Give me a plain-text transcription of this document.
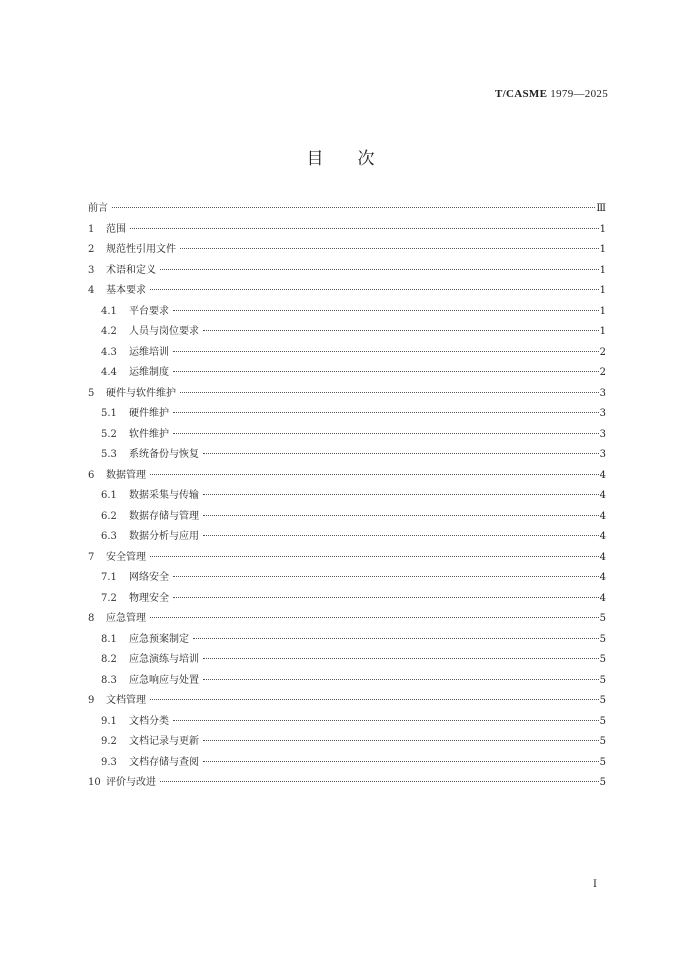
T/CASME 1979—2025
目次
前言	Ⅲ
1	范围	1
2	规范性引用文件	1
3	术语和定义	1
4	基本要求	1
4.1	平台要求	1
4.2	人员与岗位要求	1
4.3	运维培训	2
4.4	运维制度	2
5	硬件与软件维护	3
5.1	硬件维护	3
5.2	软件维护	3
5.3	系统备份与恢复	3
6	数据管理	4
6.1	数据采集与传输	4
6.2	数据存储与管理	4
6.3	数据分析与应用	4
7	安全管理	4
7.1	网络安全	4
7.2	物理安全	4
8	应急管理	5
8.1	应急预案制定	5
8.2	应急演练与培训	5
8.3	应急响应与处置	5
9	文档管理	5
9.1	文档分类	5
9.2	文档记录与更新	5
9.3	文档存储与查阅	5
10 评价与改进	5
I
